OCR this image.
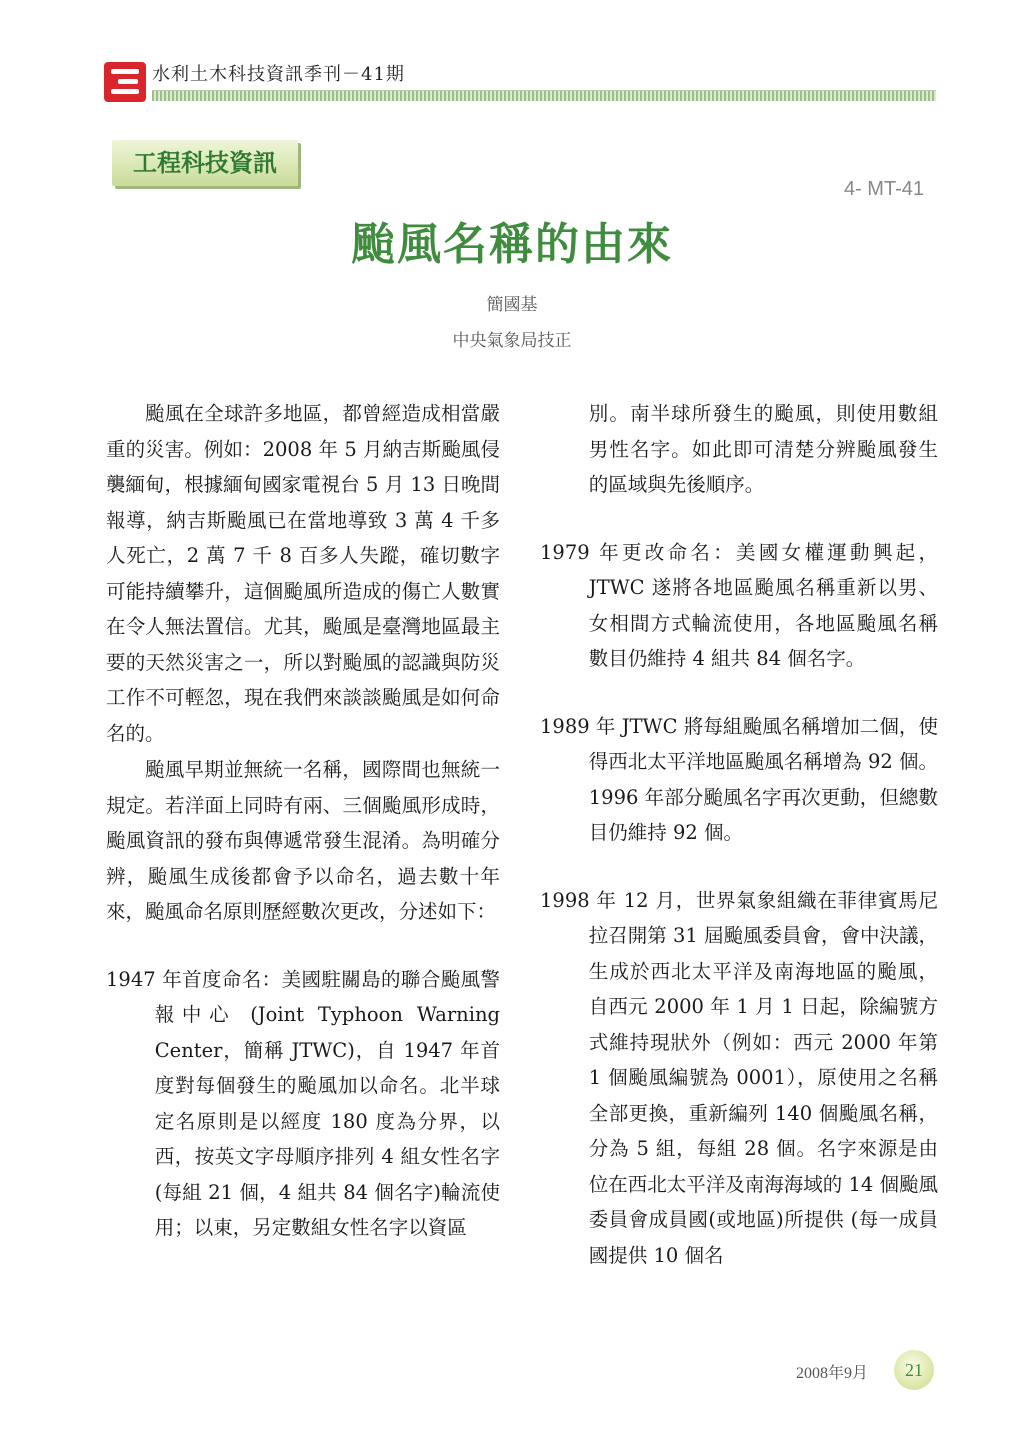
水利土木科技資訊季刊－41期
工程科技資訊
4- MT-41
颱風名稱的由來
簡國基
中央氣象局技正

颱風在全球許多地區，都曾經造成相當嚴重的災害。例如：2008 年 5 月納吉斯颱風侵襲緬甸，根據緬甸國家電視台 5 月 13 日晚間報導，納吉斯颱風已在當地導致 3 萬 4 千多人死亡，2 萬 7 千 8 百多人失蹤，確切數字可能持續攀升，這個颱風所造成的傷亡人數實在令人無法置信。尤其，颱風是臺灣地區最主要的天然災害之一，所以對颱風的認識與防災工作不可輕忽，現在我們來談談颱風是如何命名的。

颱風早期並無統一名稱，國際間也無統一規定。若洋面上同時有兩、三個颱風形成時，颱風資訊的發布與傳遞常發生混淆。為明確分辨，颱風生成後都會予以命名，過去數十年來，颱風命名原則歷經數次更改，分述如下：

1947 年首度命名：美國駐關島的聯合颱風警報中心 (Joint Typhoon Warning Center，簡稱 JTWC)，自 1947 年首度對每個發生的颱風加以命名。北半球定名原則是以經度 180 度為分界，以西，按英文字母順序排列 4 組女性名字(每組 21 個，4 組共 84 個名字)輪流使用；以東，另定數組女性名字以資區

別。南半球所發生的颱風，則使用數組男性名字。如此即可清楚分辨颱風發生的區域與先後順序。

1979 年更改命名：美國女權運動興起，JTWC 遂將各地區颱風名稱重新以男、女相間方式輪流使用，各地區颱風名稱數目仍維持 4 組共 84 個名字。

1989 年 JTWC 將每組颱風名稱增加二個，使得西北太平洋地區颱風名稱增為 92 個。1996 年部分颱風名字再次更動，但總數目仍維持 92 個。

1998 年 12 月，世界氣象組織在菲律賓馬尼拉召開第 31 屆颱風委員會，會中決議，生成於西北太平洋及南海地區的颱風，自西元 2000 年 1 月 1 日起，除編號方式維持現狀外（例如：西元 2000 年第 1 個颱風編號為 0001），原使用之名稱全部更換，重新編列 140 個颱風名稱，分為 5 組，每組 28 個。名字來源是由位在西北太平洋及南海海域的 14 個颱風委員會成員國(或地區)所提供 (每一成員國提供 10 個名

2008年9月	21
